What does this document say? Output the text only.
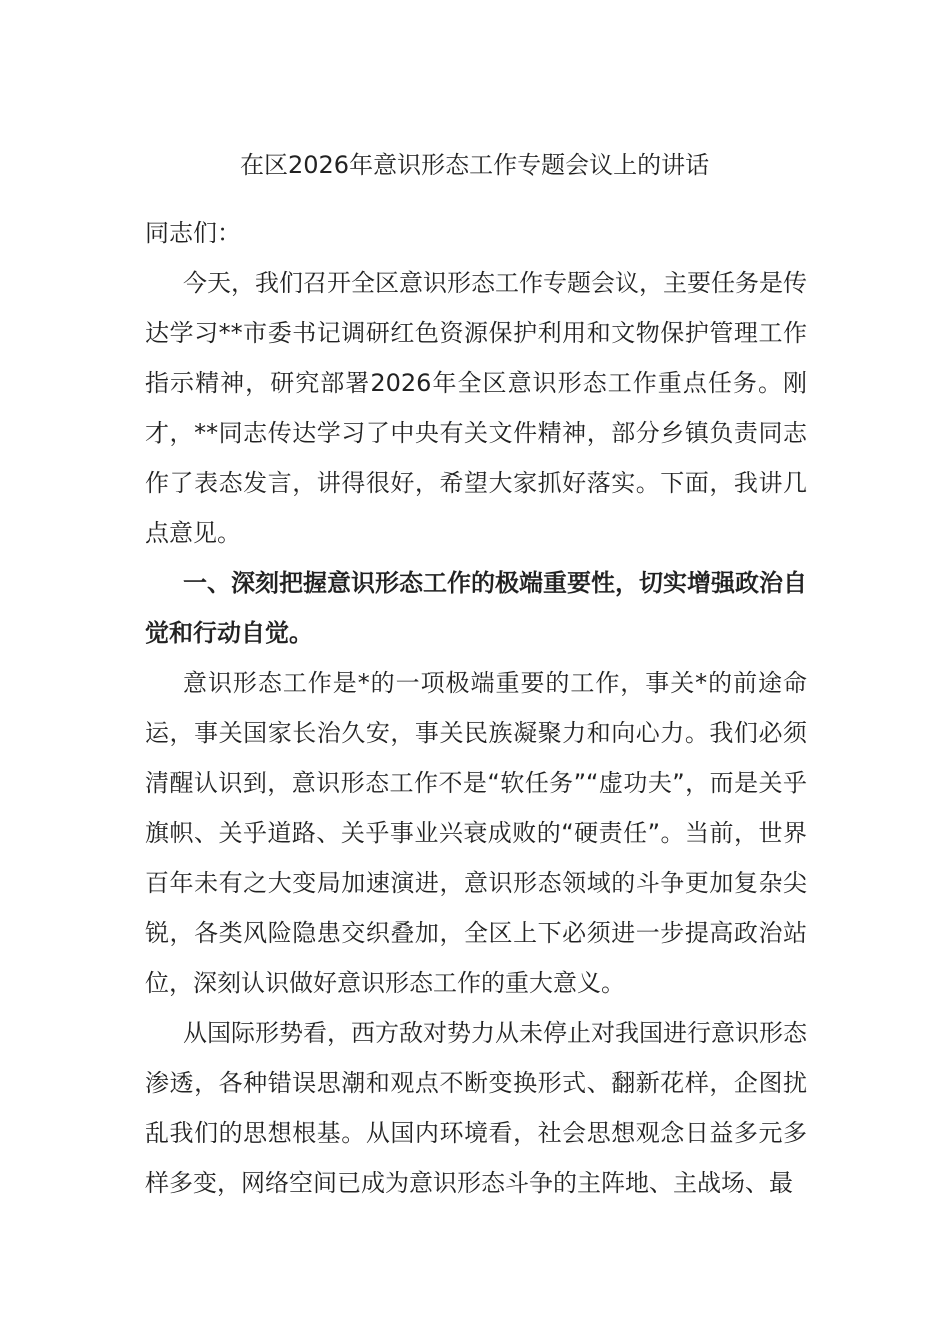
在区2026年意识形态工作专题会议上的讲话

同志们：

今天，我们召开全区意识形态工作专题会议，主要任务是传达学习**市委书记调研红色资源保护利用和文物保护管理工作指示精神，研究部署2026年全区意识形态工作重点任务。刚才，**同志传达学习了中央有关文件精神，部分乡镇负责同志作了表态发言，讲得很好，希望大家抓好落实。下面，我讲几点意见。

一、深刻把握意识形态工作的极端重要性，切实增强政治自觉和行动自觉。

意识形态工作是*的一项极端重要的工作，事关*的前途命运，事关国家长治久安，事关民族凝聚力和向心力。我们必须清醒认识到，意识形态工作不是“软任务”“虚功夫”，而是关乎旗帜、关乎道路、关乎事业兴衰成败的“硬责任”。当前，世界百年未有之大变局加速演进，意识形态领域的斗争更加复杂尖锐，各类风险隐患交织叠加，全区上下必须进一步提高政治站位，深刻认识做好意识形态工作的重大意义。

从国际形势看，西方敌对势力从未停止对我国进行意识形态渗透，各种错误思潮和观点不断变换形式、翻新花样，企图扰乱我们的思想根基。从国内环境看，社会思想观念日益多元多样多变，网络空间已成为意识形态斗争的主阵地、主战场、最
